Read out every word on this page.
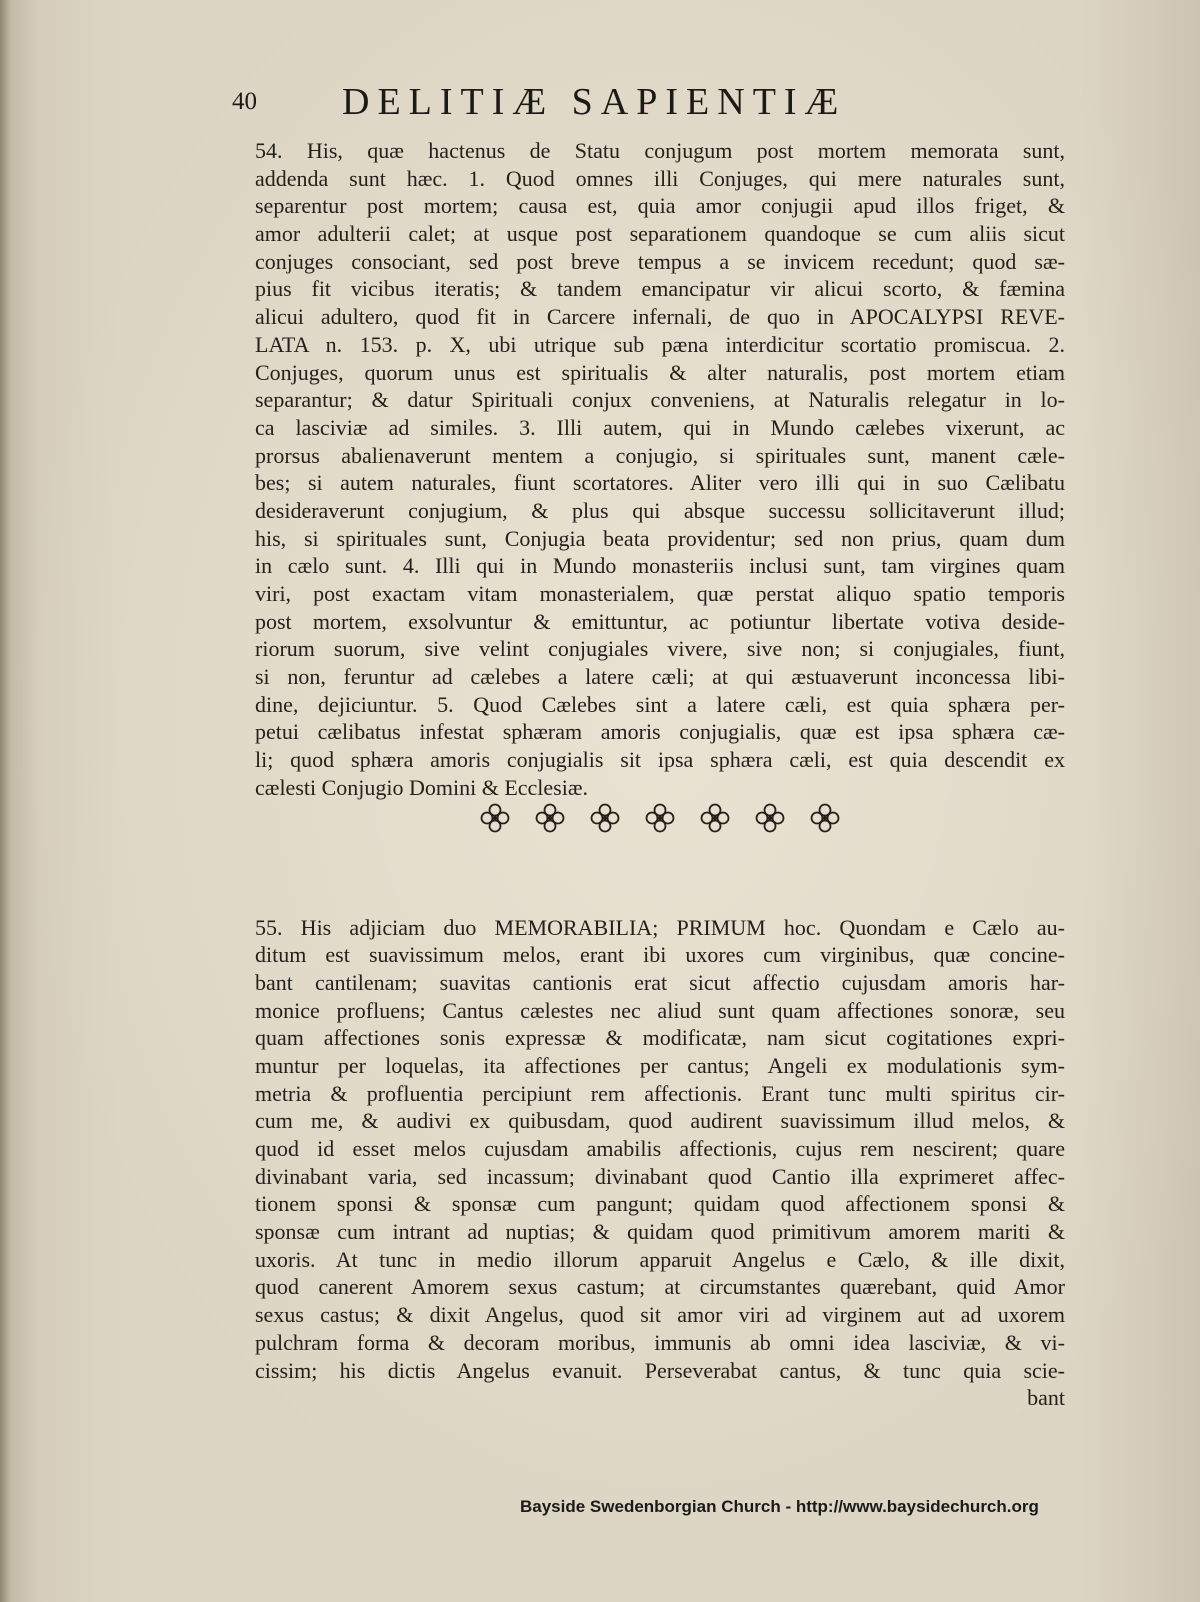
40 DELITIÆ SAPIENTIÆ
54. His, quæ hactenus de Statu conjugum post mortem memorata sunt,
addenda sunt hæc. 1. Quod omnes illi Conjuges, qui mere naturales sunt,
separentur post mortem; causa est, quia amor conjugii apud illos friget, &
amor adulterii calet; at usque post separationem quandoque se cum aliis sicut
conjuges consociant, sed post breve tempus a se invicem recedunt; quod sæ-
pius fit vicibus iteratis; & tandem emancipatur vir alicui scorto, & fæmina
alicui adultero, quod fit in Carcere infernali, de quo in APOCALYPSI REVE-
LATA n. 153. p. X, ubi utrique sub pæna interdicitur scortatio promiscua. 2.
Conjuges, quorum unus est spiritualis & alter naturalis, post mortem etiam
separantur; & datur Spirituali conjux conveniens, at Naturalis relegatur in lo-
ca lasciviæ ad similes. 3. Illi autem, qui in Mundo cælebes vixerunt, ac
prorsus abalienaverunt mentem a conjugio, si spirituales sunt, manent cæle-
bes; si autem naturales, fiunt scortatores. Aliter vero illi qui in suo Cælibatu
desideraverunt conjugium, & plus qui absque successu sollicitaverunt illud;
his, si spirituales sunt, Conjugia beata providentur; sed non prius, quam dum
in cælo sunt. 4. Illi qui in Mundo monasteriis inclusi sunt, tam virgines quam
viri, post exactam vitam monasterialem, quæ perstat aliquo spatio temporis
post mortem, exsolvuntur & emittuntur, ac potiuntur libertate votiva deside-
riorum suorum, sive velint conjugiales vivere, sive non; si conjugiales, fiunt,
si non, feruntur ad cælebes a latere cæli; at qui æstuaverunt inconcessa libi-
dine, dejiciuntur. 5. Quod Cælebes sint a latere cæli, est quia sphæra per-
petui cælibatus infestat sphæram amoris conjugialis, quæ est ipsa sphæra cæ-
li; quod sphæra amoris conjugialis sit ipsa sphæra cæli, est quia descendit ex
cælesti Conjugio Domini & Ecclesiæ.
55. His adjiciam duo MEMORABILIA; PRIMUM hoc. Quondam e Cælo au-
ditum est suavissimum melos, erant ibi uxores cum virginibus, quæ concine-
bant cantilenam; suavitas cantionis erat sicut affectio cujusdam amoris har-
monice profluens; Cantus cælestes nec aliud sunt quam affectiones sonoræ, seu
quam affectiones sonis expressæ & modificatæ, nam sicut cogitationes expri-
muntur per loquelas, ita affectiones per cantus; Angeli ex modulationis sym-
metria & profluentia percipiunt rem affectionis. Erant tunc multi spiritus cir-
cum me, & audivi ex quibusdam, quod audirent suavissimum illud melos, &
quod id esset melos cujusdam amabilis affectionis, cujus rem nescirent; quare
divinabant varia, sed incassum; divinabant quod Cantio illa exprimeret affec-
tionem sponsi & sponsæ cum pangunt; quidam quod affectionem sponsi &
sponsæ cum intrant ad nuptias; & quidam quod primitivum amorem mariti &
uxoris. At tunc in medio illorum apparuit Angelus e Cælo, & ille dixit,
quod canerent Amorem sexus castum; at circumstantes quærebant, quid Amor
sexus castus; & dixit Angelus, quod sit amor viri ad virginem aut ad uxorem
pulchram forma & decoram moribus, immunis ab omni idea lasciviæ, & vi-
cissim; his dictis Angelus evanuit. Perseverabat cantus, & tunc quia scie-
bant
Bayside Swedenborgian Church - http://www.baysidechurch.org
